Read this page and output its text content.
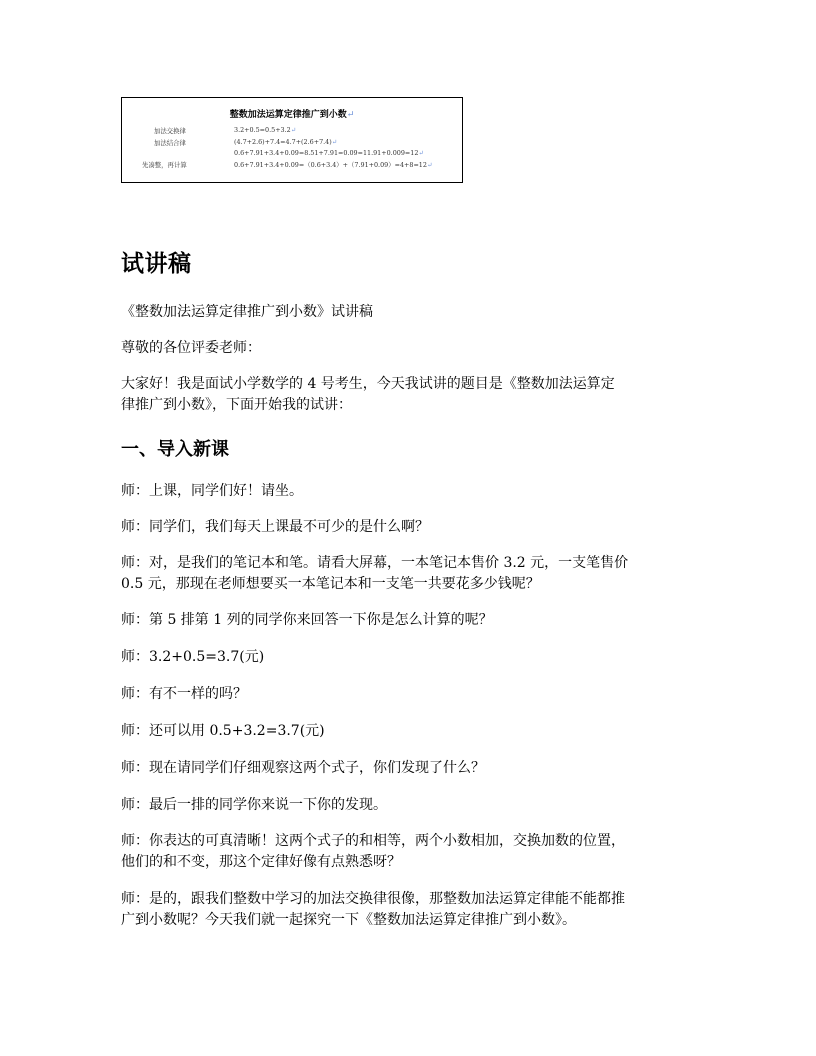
整数加法运算定律推广到小数↵
加法交换律	3.2+0.5=0.5+3.2↵
加法结合律	(4.7+2.6)+7.4=4.7+(2.6+7.4)↵
0.6+7.91+3.4+0.09=8.51+7.91=0.09=11.91+0.009=12↵
先凑整，再计算	0.6+7.91+3.4+0.09=（0.6+3.4）+（7.91+0.09）=4+8=12↵
试讲稿

《整数加法运算定律推广到小数》试讲稿

尊敬的各位评委老师：

大家好！我是面试小学数学的 4 号考生，今天我试讲的题目是《整数加法运算定
律推广到小数》，下面开始我的试讲：
一、导入新课

师：上课，同学们好！请坐。

师：同学们，我们每天上课最不可少的是什么啊？

师：对，是我们的笔记本和笔。请看大屏幕，一本笔记本售价 3.2 元，一支笔售价
0.5 元，那现在老师想要买一本笔记本和一支笔一共要花多少钱呢？

师：第 5 排第 1 列的同学你来回答一下你是怎么计算的呢？

师：3.2+0.5=3.7(元)

师：有不一样的吗？

师：还可以用 0.5+3.2=3.7(元)

师：现在请同学们仔细观察这两个式子，你们发现了什么？

师：最后一排的同学你来说一下你的发现。

师：你表达的可真清晰！这两个式子的和相等，两个小数相加，交换加数的位置，
他们的和不变，那这个定律好像有点熟悉呀？
师：是的，跟我们整数中学习的加法交换律很像，那整数加法运算定律能不能都推
广到小数呢？今天我们就一起探究一下《整数加法运算定律推广到小数》。
